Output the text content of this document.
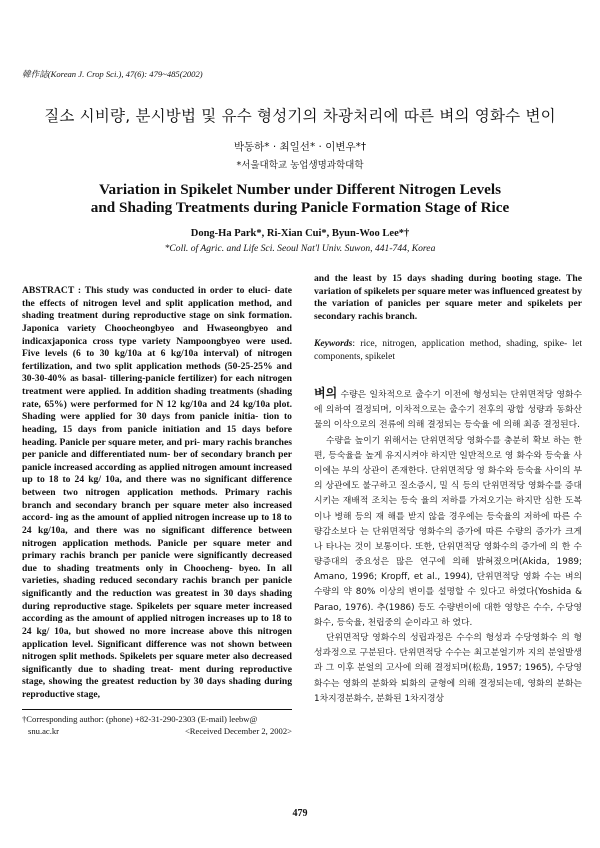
韓作誌(Korean J. Crop Sci.), 47(6): 479~485(2002)
질소 시비량, 분시방법 및 유수 형성기의 차광처리에 따른 벼의 영화수 변이
박동하* · 최일선* · 이변우*†
*서울대학교 농업생명과학대학
Variation in Spikelet Number under Different Nitrogen Levels
and Shading Treatments during Panicle Formation Stage of Rice
Dong-Ha Park*, Ri-Xian Cui*, Byun-Woo Lee*†
*Coll. of Agric. and Life Sci. Seoul Nat'l Univ. Suwon, 441-744, Korea
ABSTRACT : This study was conducted in order to eluci- date the effects of nitrogen level and split application method, and shading treatment during reproductive stage on sink formation. Japonica variety Choocheongbyeo and Hwaseongbyeo and indicaxjaponica cross type variety Nampoongbyeo were used. Five levels (6 to 30 kg/10a at 6 kg/10a interval) of nitrogen fertilization, and two split application methods (50-25-25% and 30-30-40% as basal- tillering-panicle fertilizer) for each nitrogen treatment were applied. In addition shading treatments (shading rate, 65%) were performed for N 12 kg/10a and 24 kg/10a plot. Shading were applied for 30 days from panicle initia- tion to heading, 15 days from panicle initiation and 15 days before heading. Panicle per square meter, and pri- mary rachis branches per panicle and differentiated num- ber of secondary branch per panicle increased according as applied nitrogen amount increased up to 18 to 24 kg/ 10a, and there was no significant difference between two nitrogen application methods. Primary rachis branch and secondary branch per square meter also increased accord- ing as the amount of applied nitrogen increase up to 18 to 24 kg/10a, and there was no significant difference between nitrogen application methods. Panicle per square meter and primary rachis branch per panicle were significantly decreased due to shading treatments only in Choocheng- byeo. In all varieties, shading reduced secondary rachis branch per panicle significantly and the reduction was greatest in 30 days shading during reproductive stage. Spikelets per square meter increased according as the amount of applied nitrogen increases up to 18 to 24 kg/ 10a, but showed no more increase above this nitrogen application level. Significant difference was not shown between nitrogen split methods. Spikelets per square meter also decreased significantly due to shading treat- ment during reproductive stage, showing the greatest reduction by 30 days shading during reproductive stage,
and the least by 15 days shading during booting stage. The variation of spikelets per square meter was influenced greatest by the variation of panicles per square meter and spikelets per secondary rachis branch.
Keywords: rice, nitrogen, application method, shading, spike- let components, spikelet

벼의 수량은 일차적으로 출수기 이전에 형성되는 단위면적당 영화수에 의하여 결정되며, 이차적으로는 출수기 전후의 광합 성량과 동화산물의 이삭으로의 전류에 의해 결정되는 등숙율 에 의해 최종 결정된다.

수량을 높이기 위해서는 단위면적당 영화수를 충분히 확보 하는 한편, 등숙율을 높게 유지시켜야 하지만 일반적으로 영 화수와 등숙율 사이에는 부의 상관이 존재한다. 단위면적당 영 화수와 등숙율 사이의 부의 상관에도 불구하고 질소증시, 밀 식 등의 단위면적당 영화수를 증대시키는 재배적 조치는 등숙 율의 저하를 가져오기는 하지만 심한 도복이나 병해 등의 재 해를 받지 않을 경우에는 등숙율의 저하에 따른 수량감소보다 는 단위면적당 영화수의 증가에 따른 수량의 증가가 크게 나 타나는 것이 보통이다. 또한, 단위면적당 영화수의 증가에 의 한 수량증대의 중요성은 많은 연구에 의해 밝혀졌으며(Akida, 1989; Amano, 1996; Kropff, et al., 1994), 단위면적당 영화 수는 벼의 수량의 약 80% 이상의 변이를 설명할 수 있다고 하였다(Yoshida & Parao, 1976). 추(1986) 등도 수량변이에 대한 영향은 수수, 수당영화수, 등숙율, 천립중의 순이라고 하 였다.

단위면적당 영화수의 성립과정은 수수의 형성과 수당영화수 의 형성과정으로 구분된다. 단위면적당 수수는 최고분얼기까 지의 분얼발생과 그 이후 분얼의 고사에 의해 결정되며(松島, 1957; 1965), 수당영화수는 영화의 분화와 퇴화의 균형에 의해 결정되는데, 영화의 분화는 1차지경분화수, 분화된 1차지경상

†Corresponding author: (phone) +82-31-290-2303 (E-mail) leebw@
snu.ac.kr	<Received December 2, 2002>
479
